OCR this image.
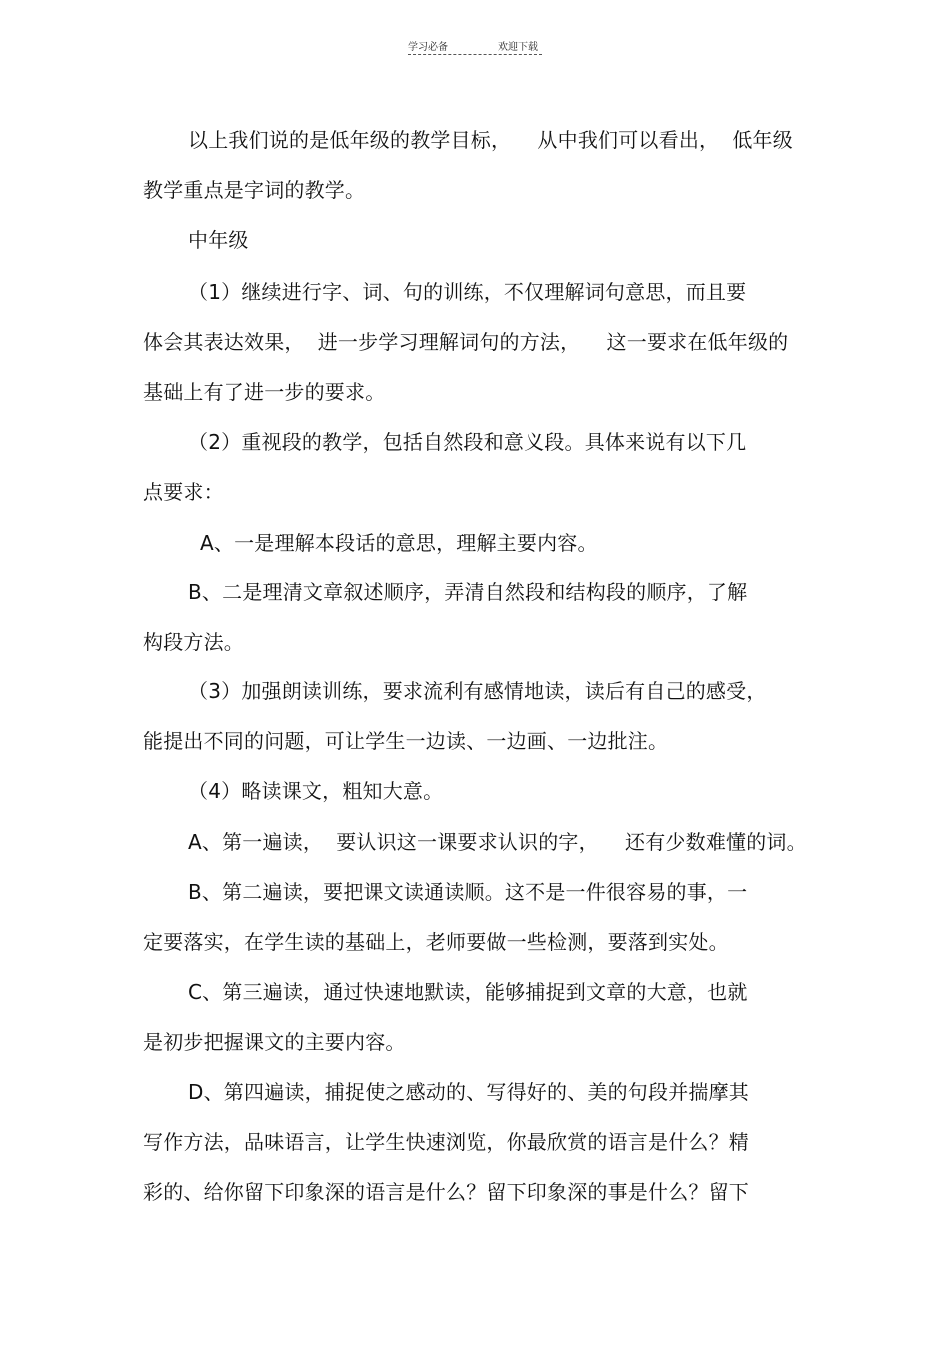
学习必备	欢迎下载
以上我们说的是低年级的教学目标，    从中我们可以看出，  低年级
教学重点是字词的教学。
中年级
（1）继续进行字、词、句的训练，不仅理解词句意思，而且要
体会其表达效果，  进一步学习理解词句的方法，    这一要求在低年级的
基础上有了进一步的要求。
（2）重视段的教学，包括自然段和意义段。具体来说有以下几
点要求：
A、一是理解本段话的意思，理解主要内容。
B、二是理清文章叙述顺序，弄清自然段和结构段的顺序，了解
构段方法。
（3）加强朗读训练，要求流利有感情地读，读后有自己的感受，
能提出不同的问题，可让学生一边读、一边画、一边批注。
（4）略读课文，粗知大意。
A、第一遍读，  要认识这一课要求认识的字，    还有少数难懂的词。
B、第二遍读，要把课文读通读顺。这不是一件很容易的事，一
定要落实，在学生读的基础上，老师要做一些检测，要落到实处。
C、第三遍读，通过快速地默读，能够捕捉到文章的大意，也就
是初步把握课文的主要内容。
D、第四遍读，捕捉使之感动的、写得好的、美的句段并揣摩其
写作方法，品味语言，让学生快速浏览，你最欣赏的语言是什么？精
彩的、给你留下印象深的语言是什么？留下印象深的事是什么？留下
